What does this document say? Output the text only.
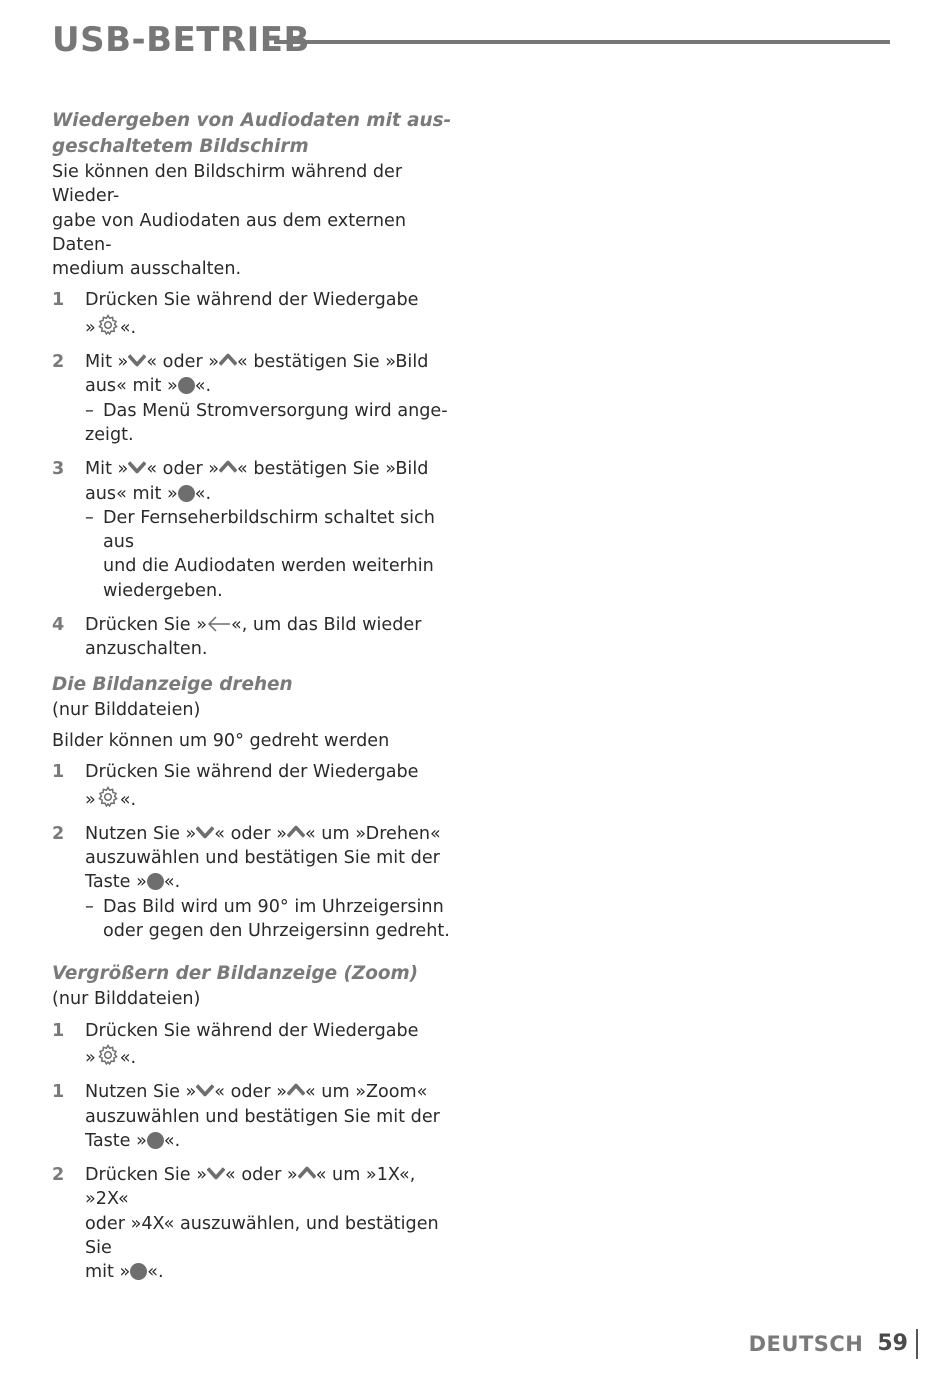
USB-BETRIEB
Wiedergeben von Audiodaten mit aus-
geschaltetem Bildschirm

Sie können den Bildschirm während der Wieder-
gabe von Audiodaten aus dem externen Daten-
medium ausschalten.

1 Drücken Sie während der Wiedergabe
» «.
2 Mit » « oder » « bestätigen Sie »Bild
aus« mit » «.
– Das Menü Stromversorgung wird ange-
zeigt.
3 Mit » « oder » « bestätigen Sie »Bild
aus« mit » «.
– Der Fernseherbildschirm schaltet sich aus
und die Audiodaten werden weiterhin
wiedergeben.
4 Drücken Sie » «, um das Bild wieder
anzuschalten.
Die Bildanzeige drehen

(nur Bilddateien)

Bilder können um 90° gedreht werden

1 Drücken Sie während der Wiedergabe
» «.
2 Nutzen Sie » « oder » « um »Drehen«
auszuwählen und bestätigen Sie mit der
Taste » «.
– Das Bild wird um 90° im Uhrzeigersinn
oder gegen den Uhrzeigersinn gedreht.
Vergrößern der Bildanzeige (Zoom)

(nur Bilddateien)

1 Drücken Sie während der Wiedergabe
» «.
1 Nutzen Sie » « oder » « um »Zoom«
auszuwählen und bestätigen Sie mit der
Taste » «.
2 Drücken Sie » « oder » « um »1X«, »2X«
oder »4X« auszuwählen, und bestätigen Sie
mit » «.
DEUTSCH 59
